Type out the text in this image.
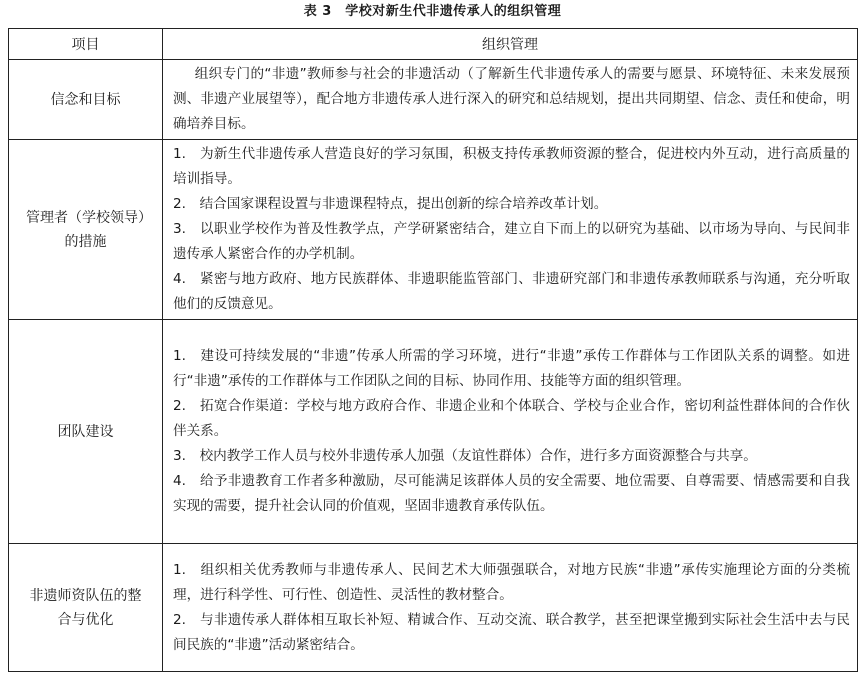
表 3　学校对新生代非遗传承人的组织管理
项目	组织管理
信念和目标	组织专门的“非遗”教师参与社会的非遗活动（了解新生代非遗传承人的需要与愿景、环境特征、未来发展预测、非遗产业展望等），配合地方非遗传承人进行深入的研究和总结规划，提出共同期望、信念、责任和使命，明确培养目标。

管理者（学校领导）的措施	1.　为新生代非遗传承人营造良好的学习氛围，积极支持传承教师资源的整合，促进校内外互动，进行高质量的培训指导。
2.　结合国家课程设置与非遗课程特点，提出创新的综合培养改革计划。
3.　以职业学校作为普及性教学点，产学研紧密结合，建立自下而上的以研究为基础、以市场为导向、与民间非遗传承人紧密合作的办学机制。
4.　紧密与地方政府、地方民族群体、非遗职能监管部门、非遗研究部门和非遗传承教师联系与沟通，充分听取他们的反馈意见。

团队建设	1.　建设可持续发展的“非遗”传承人所需的学习环境，进行“非遗”承传工作群体与工作团队关系的调整。如进行“非遗”承传的工作群体与工作团队之间的目标、协同作用、技能等方面的组织管理。
2.　拓宽合作渠道：学校与地方政府合作、非遗企业和个体联合、学校与企业合作，密切利益性群体间的合作伙伴关系。
3.　校内教学工作人员与校外非遗传承人加强（友谊性群体）合作，进行多方面资源整合与共享。
4.　给予非遗教育工作者多种激励，尽可能满足该群体人员的安全需要、地位需要、自尊需要、情感需要和自我实现的需要，提升社会认同的价值观，坚固非遗教育承传队伍。

非遗师资队伍的整合与优化	1.　组织相关优秀教师与非遗传承人、民间艺术大师强强联合，对地方民族“非遗”承传实施理论方面的分类梳理，进行科学性、可行性、创造性、灵活性的教材整合。
2.　与非遗传承人群体相互取长补短、精诚合作、互动交流、联合教学，甚至把课堂搬到实际社会生活中去与民间民族的“非遗”活动紧密结合。
